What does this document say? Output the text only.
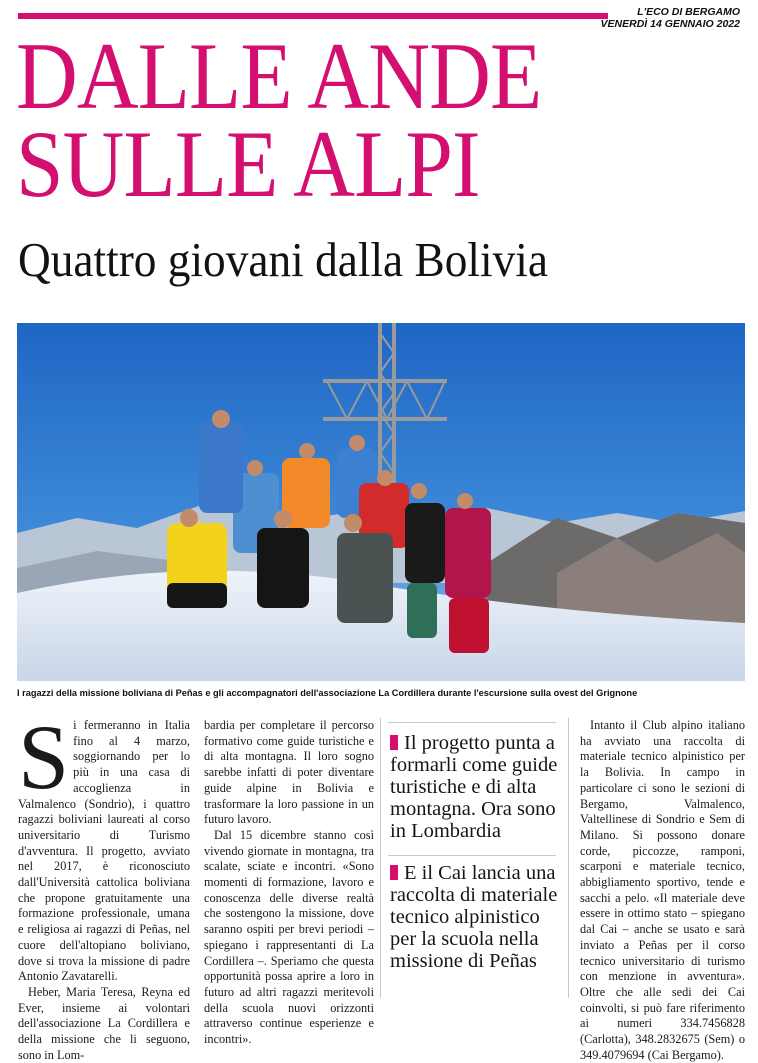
L'ECO DI BERGAMO
VENERDÌ 14 GENNAIO 2022
DALLE ANDE
SULLE ALPI
Quattro giovani dalla Bolivia

I ragazzi della missione boliviana di Peñas e gli accompagnatori dell'associazione La Cordillera durante l'escursione sulla ovest del Grignone

S i fermeranno in Italia fino al 4 marzo, soggiornando per lo più in una casa di accoglienza in Valmalenco (Sondrio), i quattro ragazzi boliviani laureati al corso universitario di Turismo d'avventura. Il progetto, avviato nel 2017, è riconosciuto dall'Università cattolica boliviana che propone gratuitamente una formazione professionale, umana e religiosa ai ragazzi di Peñas, nel cuore dell'altopiano boliviano, dove si trova la missione di padre Antonio Zavatarelli.

Heber, Maria Teresa, Reyna ed Ever, insieme ai volontari dell'associazione La Cordillera e della missione che li seguono, sono in Lom-

bardia per completare il percorso formativo come guide turistiche e di alta montagna. Il loro sogno sarebbe infatti di poter diventare guide alpine in Bolivia e trasformare la loro passione in un futuro lavoro.

Dal 15 dicembre stanno così vivendo giornate in montagna, tra scalate, sciate e incontri. «Sono momenti di formazione, lavoro e conoscenza delle diverse realtà che sostengono la missione, dove saranno ospiti per brevi periodi – spiegano i rappresentanti di La Cordillera –. Speriamo che questa opportunità possa aprire a loro in futuro ad altri ragazzi meritevoli della scuola nuovi orizzonti attraverso continue esperienze e incontri».

Il progetto punta a formarli come guide turistiche e di alta montagna. Ora sono in Lombardia

E il Cai lancia una raccolta di materiale tecnico alpinistico per la scuola nella missione di Peñas

Intanto il Club alpino italiano ha avviato una raccolta di materiale tecnico alpinistico per la Bolivia. In campo in particolare ci sono le sezioni di Bergamo, Valmalenco, Valtellinese di Sondrio e Sem di Milano. Si possono donare corde, piccozze, ramponi, scarponi e materiale tecnico, abbigliamento sportivo, tende e sacchi a pelo. «Il materiale deve essere in ottimo stato – spiegano dal Cai – anche se usato e sarà inviato a Peñas per il corso tecnico universitario di turismo con menzione in avventura». Oltre che alle sedi dei Cai coinvolti, si può fare riferimento ai numeri 334.7456828 (Carlotta), 348.2832675 (Sem) o 349.4079694 (Cai Bergamo).
